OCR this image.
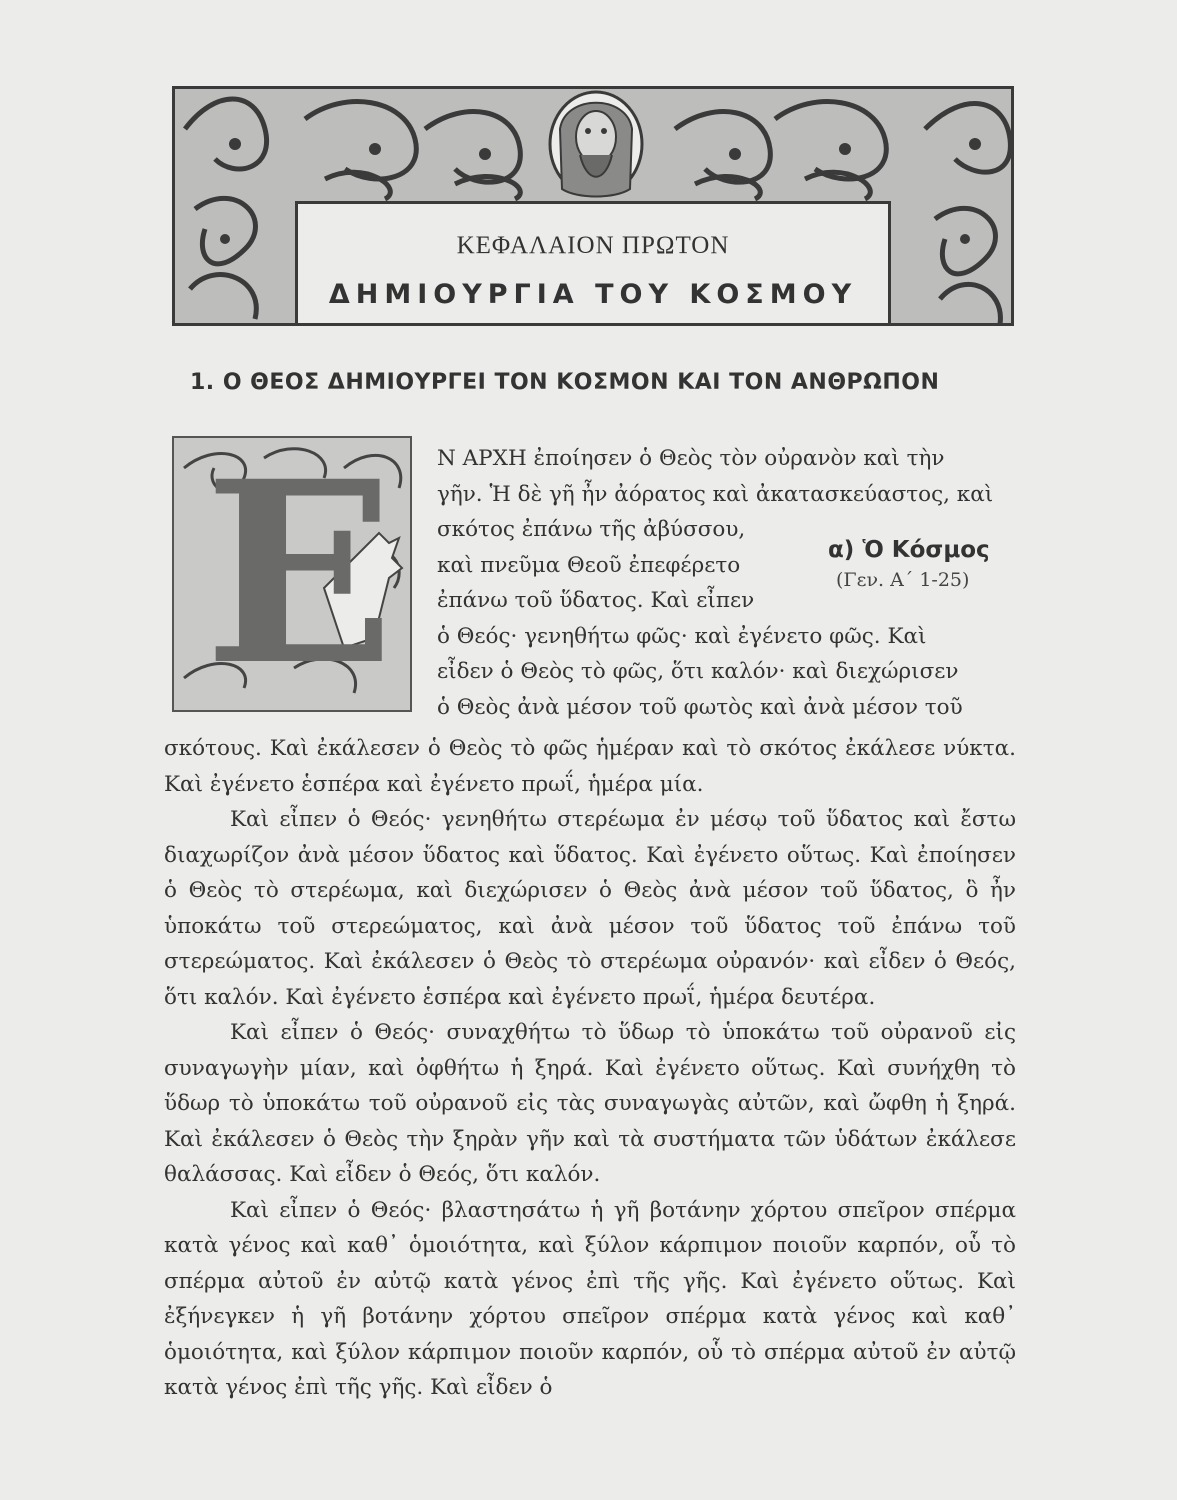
ΚΕΦΑΛΑΙΟΝ ΠΡΩΤΟΝ
ΔΗΜΙΟΥΡΓΙΑ ΤΟΥ ΚΟΣΜΟΥ
1. Ο ΘΕΟΣ ΔΗΜΙΟΥΡΓΕΙ ΤΟΝ ΚΟΣΜΟΝ ΚΑΙ ΤΟΝ ΑΝΘΡΩΠΟΝ
Ε Ν ΑΡΧΗ ἐποίησεν ὁ Θεὸς τὸν οὐρανὸν καὶ τὴν
γῆν. Ἡ δὲ γῆ ἦν ἀόρατος καὶ ἀκατασκεύαστος, καὶ
σκότος ἐπάνω τῆς ἀβύσσου,
καὶ πνεῦμα Θεοῦ ἐπεφέρετο
ἐπάνω τοῦ ὕδατος. Καὶ εἶπεν
ὁ Θεός· γενηθήτω φῶς· καὶ ἐγένετο φῶς. Καὶ
εἶδεν ὁ Θεὸς τὸ φῶς, ὅτι καλόν· καὶ διεχώρισεν
ὁ Θεὸς ἀνὰ μέσον τοῦ φωτὸς καὶ ἀνὰ μέσον τοῦ
α) Ὁ Κόσμος
(Γεν. Α΄ 1-25)

σκότους. Καὶ ἐκάλεσεν ὁ Θεὸς τὸ φῶς ἡμέραν καὶ τὸ σκότος ἐκάλεσε νύκτα. Καὶ ἐγένετο ἑσπέρα καὶ ἐγένετο πρωΐ, ἡμέρα μία.

Καὶ εἶπεν ὁ Θεός· γενηθήτω στερέωμα ἐν μέσῳ τοῦ ὕδατος καὶ ἔστω διαχωρίζον ἀνὰ μέσον ὕδατος καὶ ὕδατος. Καὶ ἐγένετο οὕτως. Καὶ ἐποίησεν ὁ Θεὸς τὸ στερέωμα, καὶ διεχώρισεν ὁ Θεὸς ἀνὰ μέσον τοῦ ὕδατος, ὃ ἦν ὑποκάτω τοῦ στερεώματος, καὶ ἀνὰ μέσον τοῦ ὕδατος τοῦ ἐπάνω τοῦ στερεώματος. Καὶ ἐκάλεσεν ὁ Θεὸς τὸ στερέωμα οὐρανόν· καὶ εἶδεν ὁ Θεός, ὅτι καλόν. Καὶ ἐγένετο ἑσπέρα καὶ ἐγένετο πρωΐ, ἡμέρα δευτέρα.

Καὶ εἶπεν ὁ Θεός· συναχθήτω τὸ ὕδωρ τὸ ὑποκάτω τοῦ οὐρανοῦ εἰς συναγωγὴν μίαν, καὶ ὀφθήτω ἡ ξηρά. Καὶ ἐγένετο οὕτως. Καὶ συνήχθη τὸ ὕδωρ τὸ ὑποκάτω τοῦ οὐρανοῦ εἰς τὰς συναγωγὰς αὐτῶν, καὶ ὤφθη ἡ ξηρά. Καὶ ἐκάλεσεν ὁ Θεὸς τὴν ξηρὰν γῆν καὶ τὰ συστήματα τῶν ὑδάτων ἐκάλεσε θαλάσσας. Καὶ εἶδεν ὁ Θεός, ὅτι καλόν.

Καὶ εἶπεν ὁ Θεός· βλαστησάτω ἡ γῆ βοτάνην χόρτου σπεῖρον σπέρμα κατὰ γένος καὶ καθ᾽ ὁμοιότητα, καὶ ξύλον κάρπιμον ποιοῦν καρπόν, οὗ τὸ σπέρμα αὐτοῦ ἐν αὐτῷ κατὰ γένος ἐπὶ τῆς γῆς. Καὶ ἐγένετο οὕτως. Καὶ ἐξήνεγκεν ἡ γῆ βοτάνην χόρτου σπεῖρον σπέρμα κατὰ γένος καὶ καθ᾽ ὁμοιότητα, καὶ ξύλον κάρπιμον ποιοῦν καρπόν, οὗ τὸ σπέρμα αὐτοῦ ἐν αὐτῷ κατὰ γένος ἐπὶ τῆς γῆς. Καὶ εἶδεν ὁ
